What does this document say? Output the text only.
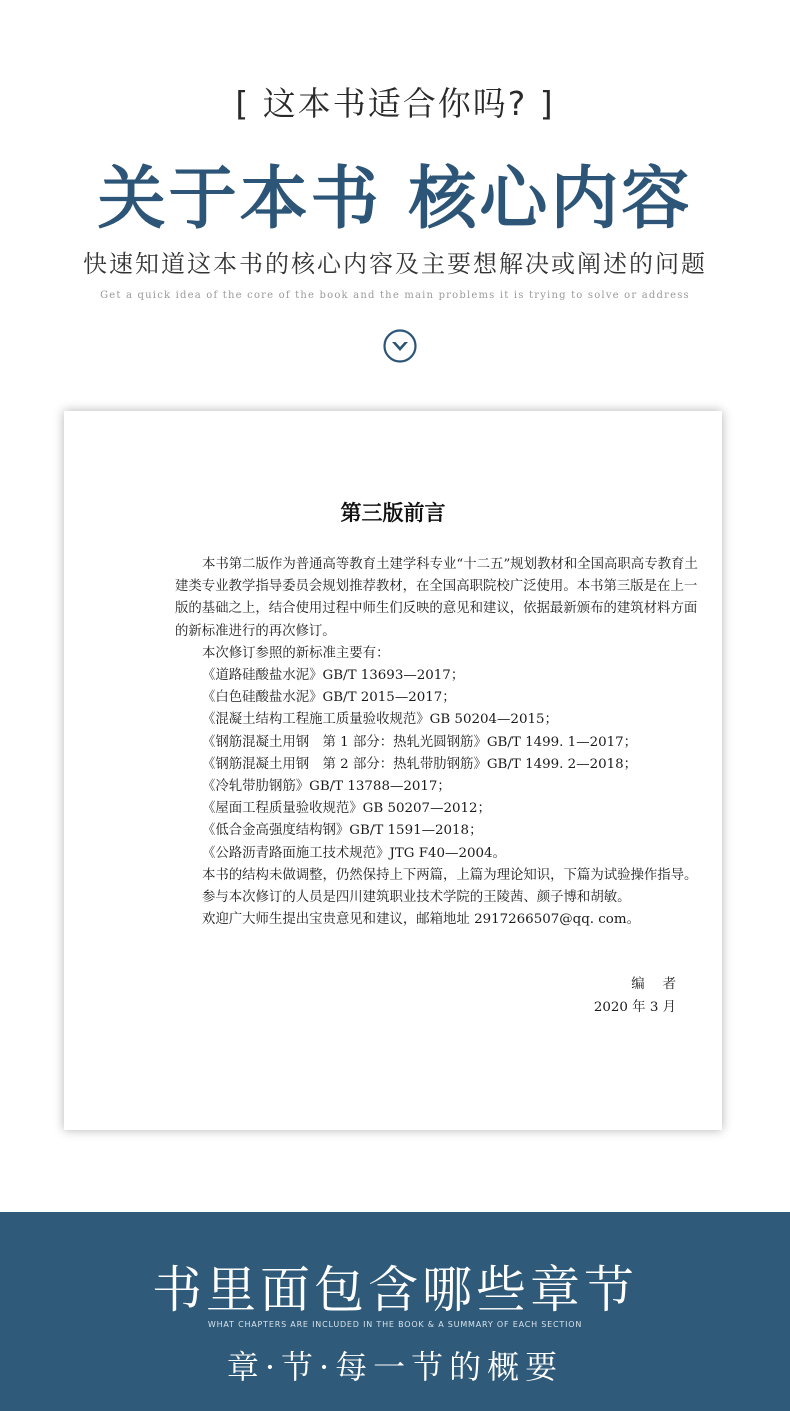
[ 这本书适合你吗? ]
关于本书 核心内容
快速知道这本书的核心内容及主要想解决或阐述的问题
Get a quick idea of the core of the book and the main problems it is trying to solve or address
第三版前言

本书第二版作为普通高等教育土建学科专业“十二五”规划教材和全国高职高专教育土建类专业教学指导委员会规划推荐教材，在全国高职院校广泛使用。本书第三版是在上一版的基础之上，结合使用过程中师生们反映的意见和建议，依据最新颁布的建筑材料方面的新标准进行的再次修订。

本次修订参照的新标准主要有：

《道路硅酸盐水泥》GB/T 13693—2017；

《白色硅酸盐水泥》GB/T 2015—2017；

《混凝土结构工程施工质量验收规范》GB 50204—2015；

《钢筋混凝土用钢　第 1 部分：热轧光圆钢筋》GB/T 1499. 1—2017；

《钢筋混凝土用钢　第 2 部分：热轧带肋钢筋》GB/T 1499. 2—2018；

《冷轧带肋钢筋》GB/T 13788—2017；

《屋面工程质量验收规范》GB 50207—2012；

《低合金高强度结构钢》GB/T 1591—2018；

《公路沥青路面施工技术规范》JTG F40—2004。

本书的结构未做调整，仍然保持上下两篇，上篇为理论知识，下篇为试验操作指导。

参与本次修订的人员是四川建筑职业技术学院的王陵茜、颜子博和胡敏。

欢迎广大师生提出宝贵意见和建议，邮箱地址 2917266507@qq. com。

编者
2020 年 3 月
书里面包含哪些章节
WHAT CHAPTERS ARE INCLUDED IN THE BOOK & A SUMMARY OF EACH SECTION
章·节·每一节的概要
